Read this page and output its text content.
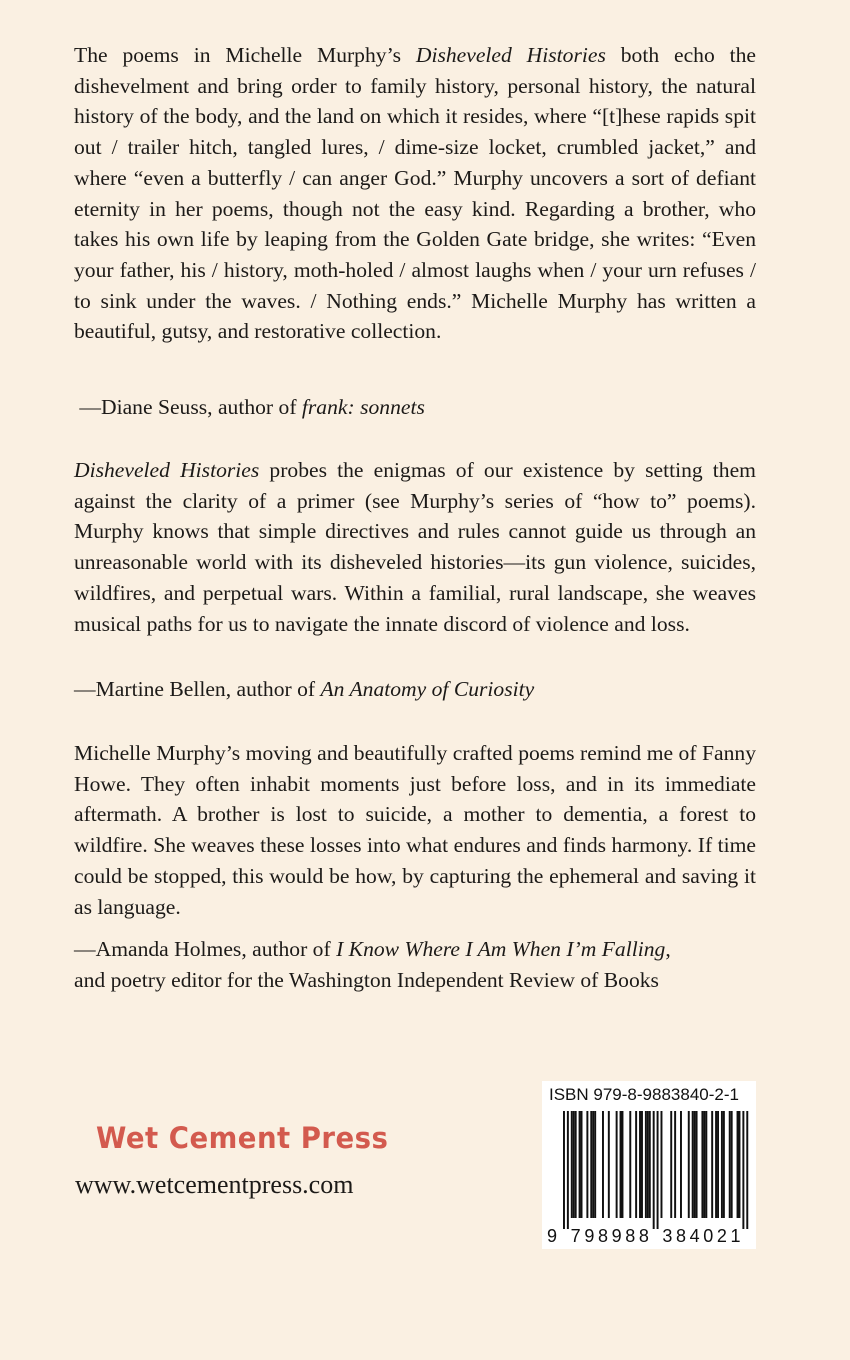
The poems in Michelle Murphy’s Disheveled Histories both echo the dishevelment and bring order to family history, personal history, the natural history of the body, and the land on which it resides, where “[t]hese rapids spit out / trailer hitch, tangled lures, / dime-size locket, crumbled jacket,” and where “even a butterfly / can anger God.” Murphy uncovers a sort of defiant eternity in her poems, though not the easy kind. Regarding a brother, who takes his own life by leaping from the Golden Gate bridge, she writes: “Even your father, his / history, moth-holed / almost laughs when / your urn refuses / to sink under the waves. / Nothing ends.” Michelle Murphy has written a beautiful, gutsy, and restorative collection.

—Diane Seuss, author of frank: sonnets

Disheveled Histories probes the enigmas of our existence by setting them against the clarity of a primer (see Murphy’s series of “how to” poems). Murphy knows that simple directives and rules cannot guide us through an unreasonable world with its disheveled histories—its gun violence, suicides, wildfires, and perpetual wars. Within a familial, rural landscape, she weaves musical paths for us to navigate the innate discord of violence and loss.

—Martine Bellen, author of An Anatomy of Curiosity

Michelle Murphy’s moving and beautifully crafted poems remind me of Fanny Howe. They often inhabit moments just before loss, and in its immediate aftermath. A brother is lost to suicide, a mother to dementia, a forest to wildfire. She weaves these losses into what endures and finds harmony. If time could be stopped, this would be how, by capturing the ephemeral and saving it as language.

—Amanda Holmes, author of I Know Where I Am When I’m Falling,
and poetry editor for the Washington Independent Review of Books

Wet Cement Press
www.wetcementpress.com
9 7 9 8 9 8 8 3 8 4 0 2 1
ISBN 979-8-9883840-2-1
